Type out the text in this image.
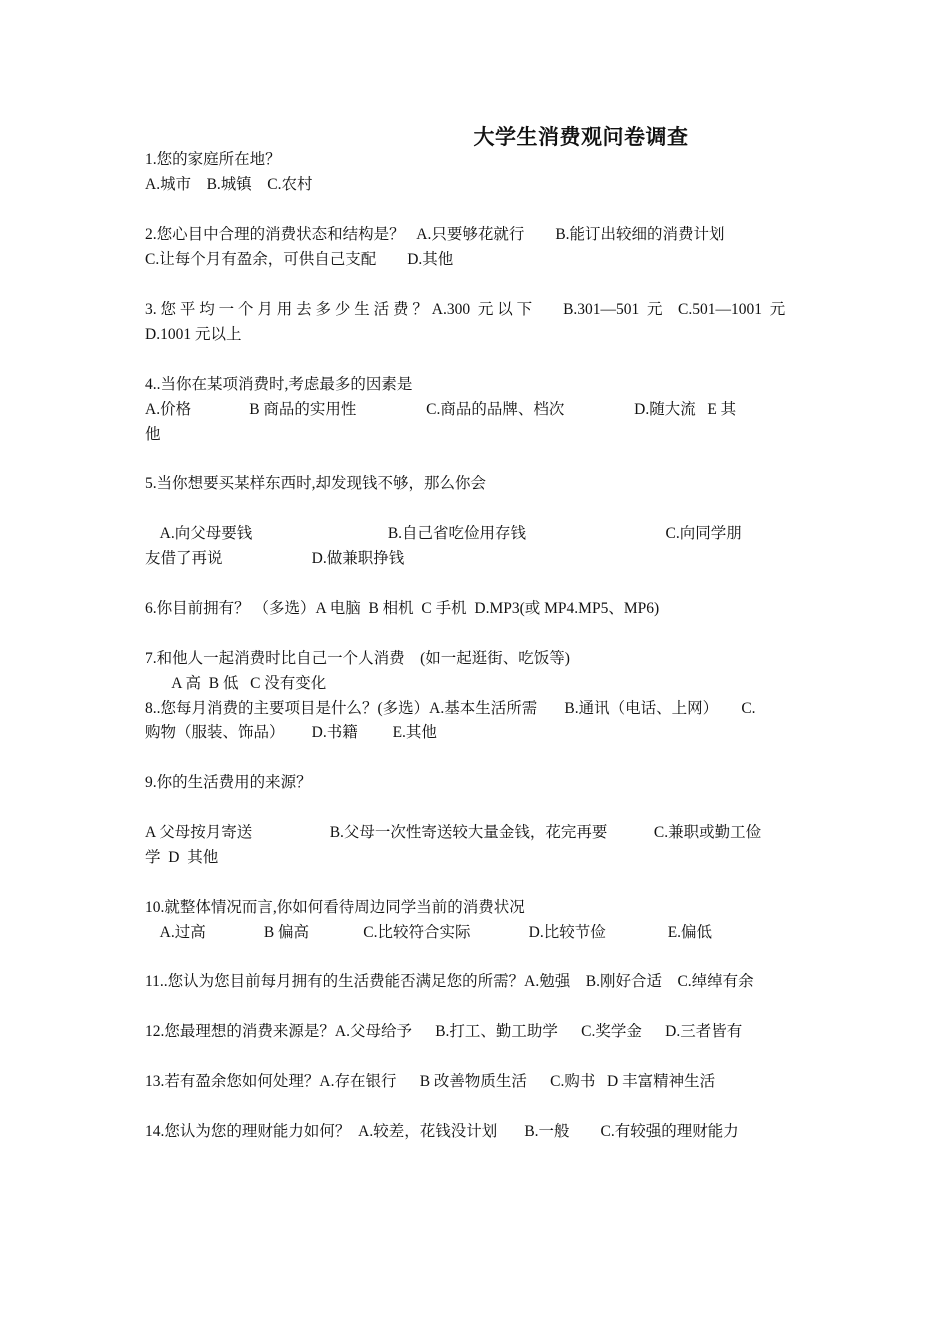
大学生消费观问卷调查
1.您的家庭所在地？
A.城市    B.城镇    C.农村
2.您心目中合理的消费状态和结构是？   A.只要够花就行        B.能订出较细的消费计划
C.让每个月有盈余，可供自己支配        D.其他
3. 您 平 均 一 个 月 用 去 多 少 生 活 费 ？ A.300  元 以 下        B.301—501  元    C.501—1001  元
D.1001 元以上
4..当你在某项消费时,考虑最多的因素是
A.价格               B 商品的实用性                  C.商品的品牌、档次                  D.随大流   E 其
他
5.当你想要买某样东西时,却发现钱不够，那么你会
A.向父母要钱                                   B.自己省吃俭用存钱                                    C.向同学朋
友借了再说                       D.做兼职挣钱
6.你目前拥有？ （多选）A 电脑  B 相机  C 手机  D.MP3(或 MP4.MP5、MP6)
7.和他人一起消费时比自己一个人消费    (如一起逛街、吃饭等)
A 高  B 低   C 没有变化
8..您每月消费的主要项目是什么？(多选）A.基本生活所需       B.通讯（电话、上网）      C.
购物（服装、饰品）       D.书籍         E.其他
9.你的生活费用的来源？
A 父母按月寄送                    B.父母一次性寄送较大量金钱，花完再要            C.兼职或勤工俭
学  D  其他
10.就整体情况而言,你如何看待周边同学当前的消费状况
A.过高               B 偏高              C.比较符合实际               D.比较节俭                E.偏低
11..您认为您目前每月拥有的生活费能否满足您的所需？A.勉强    B.刚好合适    C.绰绰有余
12.您最理想的消费来源是？A.父母给予      B.打工、勤工助学      C.奖学金      D.三者皆有
13.若有盈余您如何处理？A.存在银行      B 改善物质生活      C.购书   D 丰富精神生活
14.您认为您的理财能力如何？  A.较差，花钱没计划       B.一般        C.有较强的理财能力
